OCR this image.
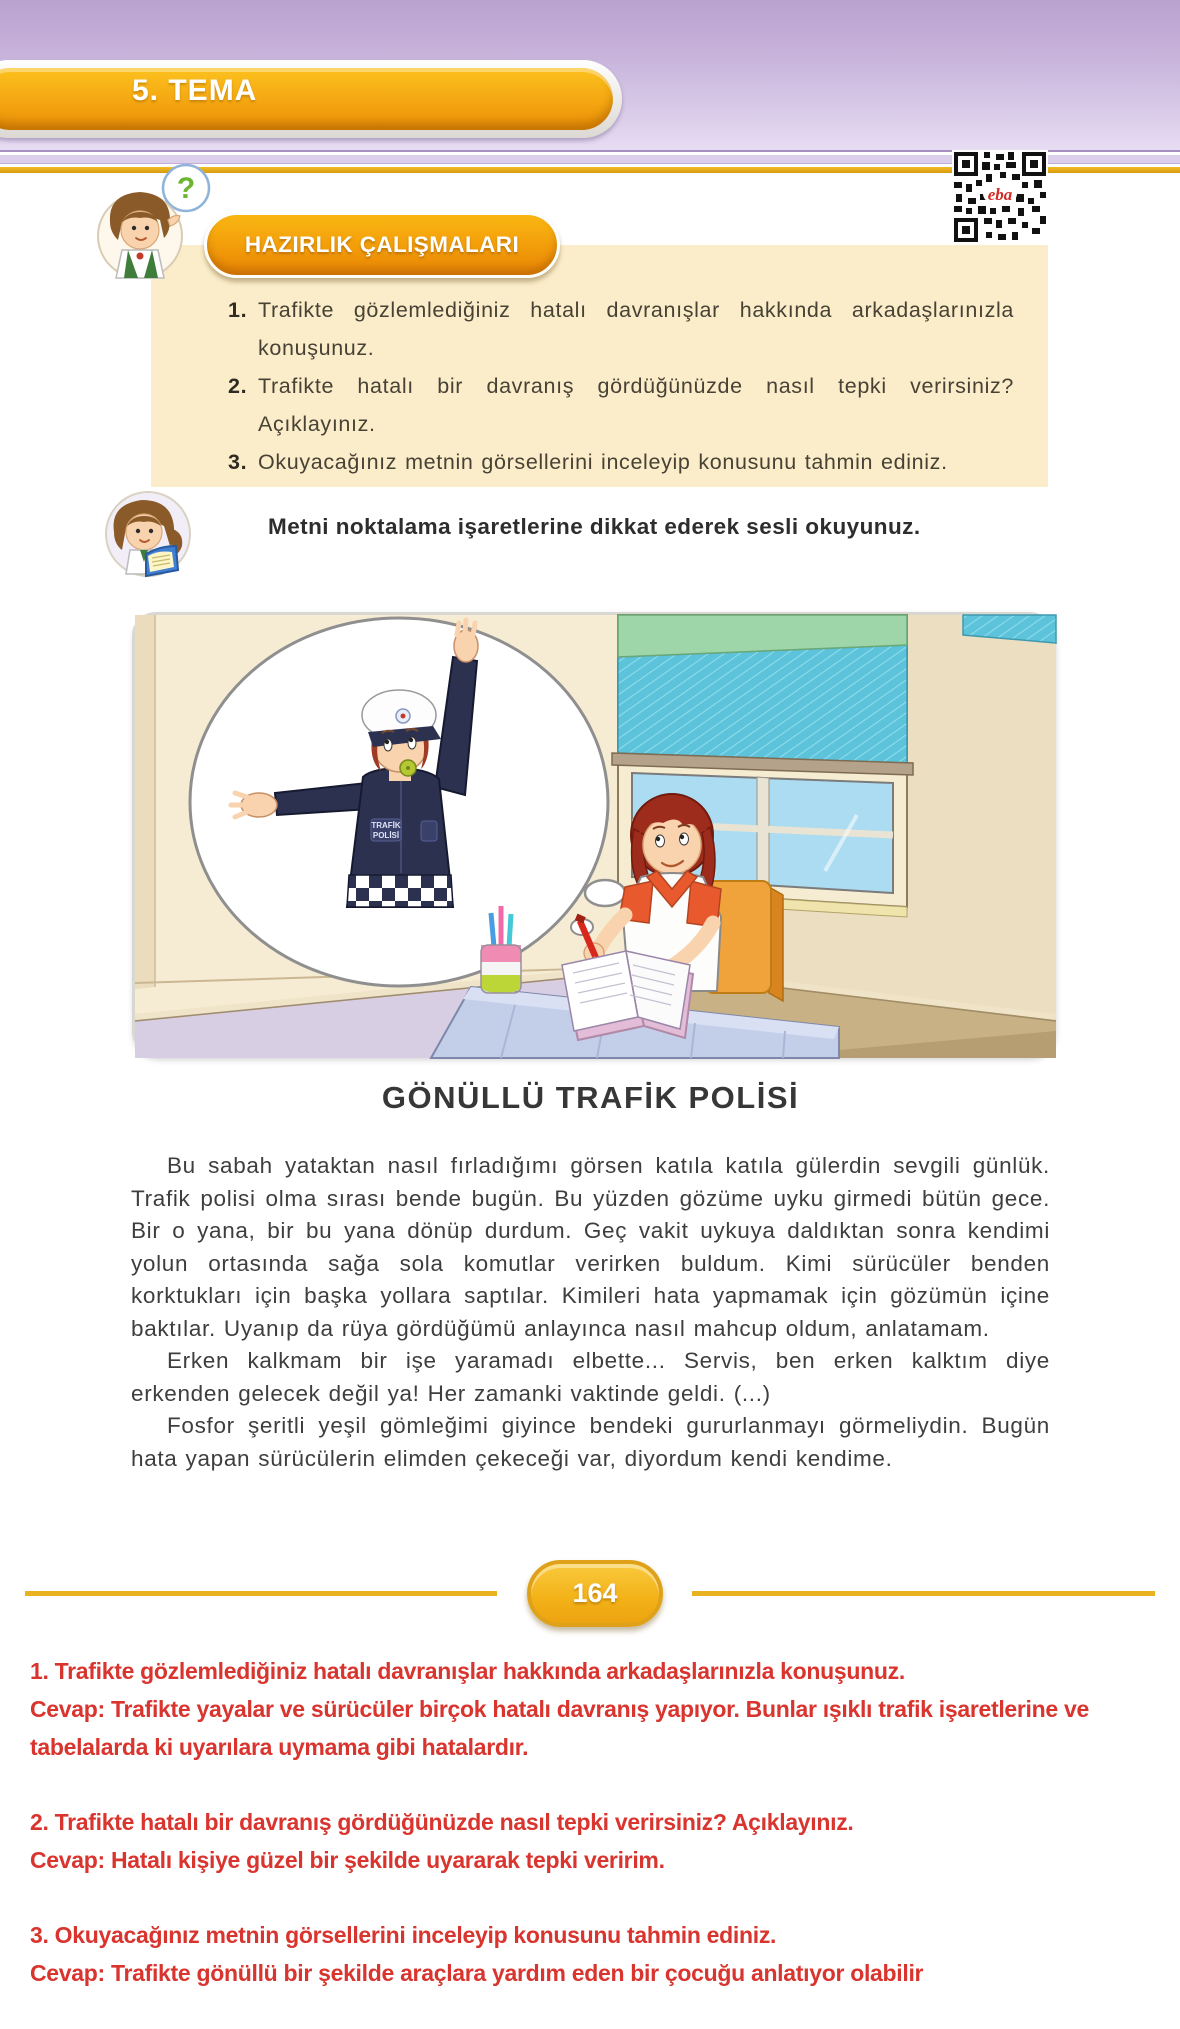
5. TEMA
eba
?
HAZIRLIK ÇALIŞMALARI
1. Trafikte gözlemlediğiniz hatalı davranışlar hakkında arkadaşlarınızla konuşunuz.
2. Trafikte hatalı bir davranış gördüğünüzde nasıl tepki verirsiniz? Açıklayınız.
3. Okuyacağınız metnin görsellerini inceleyip konusunu tahmin ediniz.
Metni noktalama işaretlerine dikkat ederek sesli okuyunuz.
TRAFİK
POLİSİ
GÖNÜLLÜ TRAFİK POLİSİ

Bu sabah yataktan nasıl fırladığımı görsen katıla katıla gülerdin sevgili günlük. Trafik polisi olma sırası bende bugün. Bu yüzden gözüme uyku girmedi bütün gece. Bir o yana, bir bu yana dönüp durdum. Geç vakit uykuya daldıktan sonra kendimi yolun ortasında sağa sola komutlar verirken buldum. Kimi sürücüler benden korktukları için başka yollara saptılar. Kimileri hata yapmamak için gözümün içine baktılar. Uyanıp da rüya gördüğümü anlayınca nasıl mahcup oldum, anlatamam.

Erken kalkmam bir işe yaramadı elbette... Servis, ben erken kalktım diye erkenden gelecek değil ya! Her zamanki vaktinde geldi. (...)

Fosfor şeritli yeşil gömleğimi giyince bendeki gururlanmayı görmeliydin. Bugün hata yapan sürücülerin elimden çekeceği var, diyordum kendi kendime.

164
1. Trafikte gözlemlediğiniz hatalı davranışlar hakkında arkadaşlarınızla konuşunuz.
Cevap: Trafikte yayalar ve sürücüler birçok hatalı davranış yapıyor. Bunlar ışıklı trafik işaretlerine ve tabelalarda ki uyarılara uymama gibi hatalardır.
2. Trafikte hatalı bir davranış gördüğünüzde nasıl tepki verirsiniz? Açıklayınız.
Cevap: Hatalı kişiye güzel bir şekilde uyararak tepki veririm.
3. Okuyacağınız metnin görsellerini inceleyip konusunu tahmin ediniz.
Cevap: Trafikte gönüllü bir şekilde araçlara yardım eden bir çocuğu anlatıyor olabilir
